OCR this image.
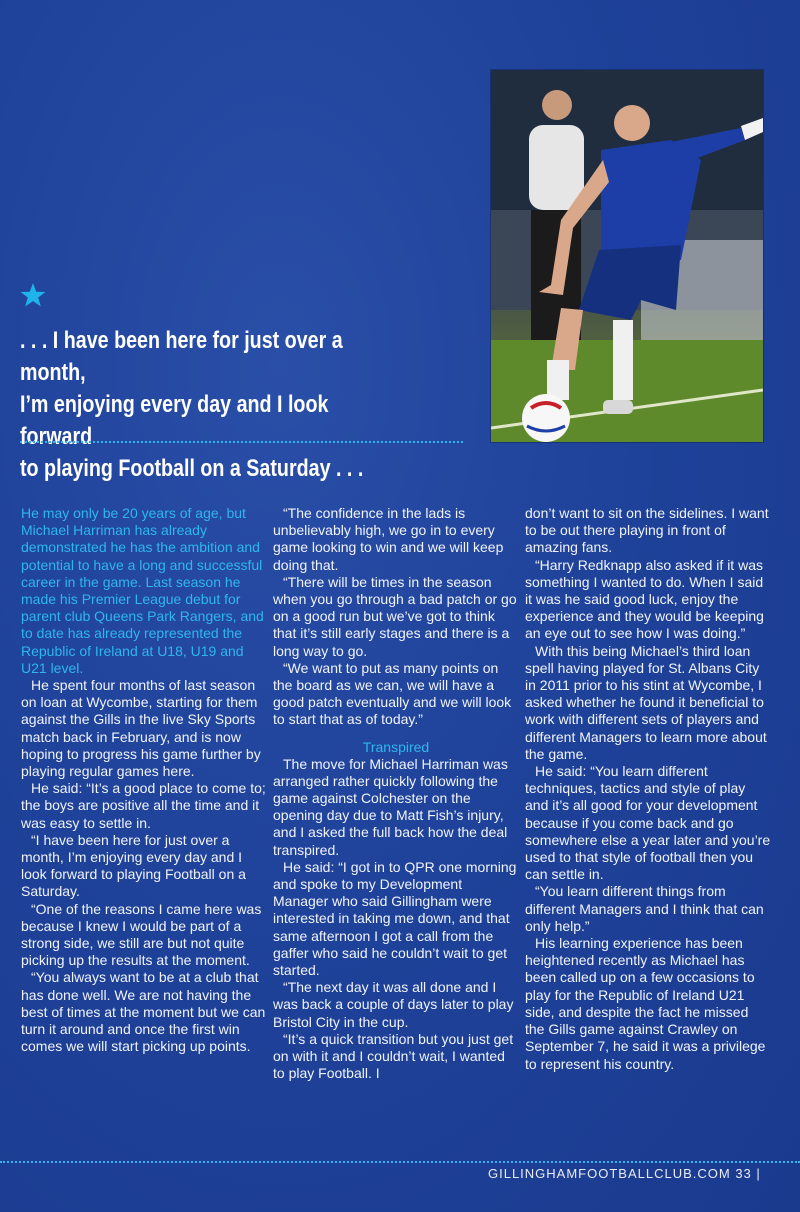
. . . I have been here for just over a month,
I’m enjoying every day and I look forward
to playing Football on a Saturday . . .

He may only be 20 years of age, but Michael Harriman has already demonstrated he has the ambition and potential to have a long and successful career in the game. Last season he made his Premier League debut for parent club Queens Park Rangers, and to date has already represented the Republic of Ireland at U18, U19 and U21 level.

He spent four months of last season on loan at Wycombe, starting for them against the Gills in the live Sky Sports match back in February, and is now hoping to progress his game further by playing regular games here.

He said: “It’s a good place to come to; the boys are positive all the time and it was easy to settle in.

“I have been here for just over a month, I’m enjoying every day and I look forward to playing Football on a Saturday.

“One of the reasons I came here was because I knew I would be part of a strong side, we still are but not quite picking up the results at the moment.

“You always want to be at a club that has done well. We are not having the best of times at the moment but we can turn it around and once the first win comes we will start picking up points.

“The confidence in the lads is unbelievably high, we go in to every game looking to win and we will keep doing that.

“There will be times in the season when you go through a bad patch or go on a good run but we’ve got to think that it’s still early stages and there is a long way to go.

“We want to put as many points on the board as we can, we will have a good patch eventually and we will look to start that as of today.”

Transpired

The move for Michael Harriman was arranged rather quickly following the game against Colchester on the opening day due to Matt Fish’s injury, and I asked the full back how the deal transpired.

He said: “I got in to QPR one morning and spoke to my Development Manager who said Gillingham were interested in taking me down, and that same afternoon I got a call from the gaffer who said he couldn’t wait to get started.

“The next day it was all done and I was back a couple of days later to play Bristol City in the cup.

“It’s a quick transition but you just get on with it and I couldn’t wait, I wanted to play Football. I

don’t want to sit on the sidelines. I want to be out there playing in front of amazing fans.

“Harry Redknapp also asked if it was something I wanted to do. When I said it was he said good luck, enjoy the experience and they would be keeping an eye out to see how I was doing.”

With this being Michael’s third loan spell having played for St. Albans City in 2011 prior to his stint at Wycombe, I asked whether he found it beneficial to work with different sets of players and different Managers to learn more about the game.

He said: “You learn different techniques, tactics and style of play and it’s all good for your development because if you come back and go somewhere else a year later and you’re used to that style of football then you can settle in.

“You learn different things from different Managers and I think that can only help.”

His learning experience has been heightened recently as Michael has been called up on a few occasions to play for the Republic of Ireland U21 side, and despite the fact he missed the Gills game against Crawley on September 7, he said it was a privilege to represent his country.

GILLINGHAMFOOTBALLCLUB.COM 33 |
